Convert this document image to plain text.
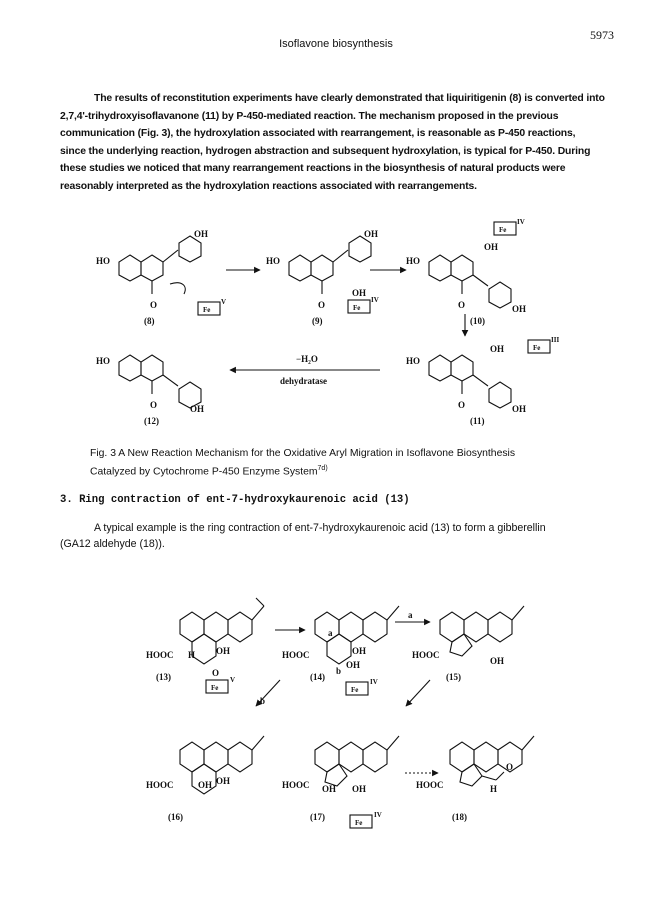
Isoflavone biosynthesis
5973
The results of reconstitution experiments have clearly demonstrated that liquiritigenin (8) is converted into
2,7,4'-trihydroxyisoflavanone (11) by P-450-mediated reaction. The mechanism proposed in the previous
communication (Fig. 3), the hydroxylation associated with rearrangement, is reasonable as P-450 reactions,
since the underlying reaction, hydrogen abstraction and subsequent hydroxylation, is typical for P-450. During
these studies we noticed that many rearrangement reactions in the biosynthesis of natural products were
reasonably interpreted as the hydroxylation reactions associated with rearrangements.
HO
OH
O
(8)
Fe
V
HO
OH
O
OH
(9)
Fe
IV
HO
OH
OH
O
(10)
Fe
IV
HO
OH
OH
O
(11)
Fe
III
HO
OH
O
(12)
−H₂O
dehydratase
Fig. 3 A New Reaction Mechanism for the Oxidative Aryl Migration in Isoflavone Biosynthesis
Catalyzed by Cytochrome P-450 Enzyme System$^{7d)}$
3. Ring contraction of ent-7-hydroxykaurenoic acid (13)
A typical example is the ring contraction of ent-7-hydroxykaurenoic acid (13) to form a gibberellin
(GA12 aldehyde (18)).
HOOC	OH
H
O
(13)
Fe
V
HOOC	OH
a
OH
b
(14)
Fe
IV
a
HOOC
OH
(15)
b
HOOC	OH
OH
(16)
HOOC OH OH
(17)
Fe
IV
HOOC
O
H
(18)
